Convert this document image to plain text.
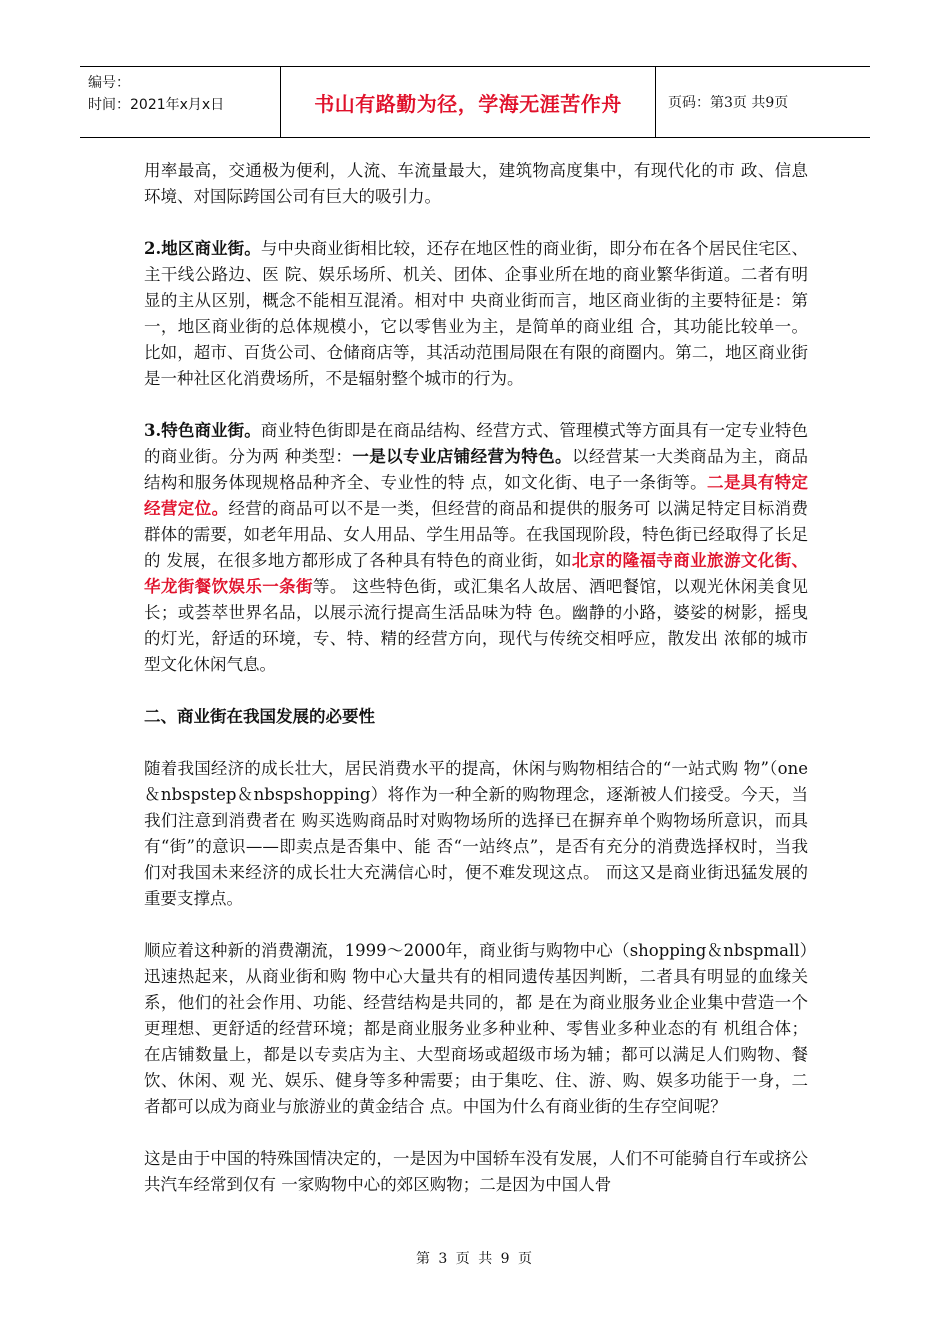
编号：
时间：2021年x月x日	书山有路勤为径，学海无涯苦作舟	页码：第3页 共9页

用率最高，交通极为便利，人流、车流量最大，建筑物高度集中，有现代化的市 政、信息环境、对国际跨国公司有巨大的吸引力。

2.地区商业街。与中央商业街相比较，还存在地区性的商业街，即分布在各个居民住宅区、主干线公路边、医 院、娱乐场所、机关、团体、企事业所在地的商业繁华街道。二者有明显的主从区别，概念不能相互混淆。相对中 央商业街而言，地区商业街的主要特征是：第一，地区商业街的总体规模小，它以零售业为主，是简单的商业组 合，其功能比较单一。比如，超市、百货公司、仓储商店等，其活动范围局限在有限的商圈内。第二，地区商业街 是一种社区化消费场所，不是辐射整个城市的行为。

3.特色商业街。商业特色街即是在商品结构、经营方式、管理模式等方面具有一定专业特色的商业街。分为两 种类型：一是以专业店铺经营为特色。以经营某一大类商品为主，商品结构和服务体现规格品种齐全、专业性的特 点，如文化街、电子一条街等。二是具有特定经营定位。经营的商品可以不是一类，但经营的商品和提供的服务可 以满足特定目标消费群体的需要，如老年用品、女人用品、学生用品等。在我国现阶段，特色街已经取得了长足的 发展，在很多地方都形成了各种具有特色的商业街，如北京的隆福寺商业旅游文化街、华龙街餐饮娱乐一条街等。 这些特色街，或汇集名人故居、酒吧餐馆，以观光休闲美食见长；或荟萃世界名品，以展示流行提高生活品味为特 色。幽静的小路，婆娑的树影，摇曳的灯光，舒适的环境，专、特、精的经营方向，现代与传统交相呼应，散发出 浓郁的城市型文化休闲气息。

二、商业街在我国发展的必要性

随着我国经济的成长壮大，居民消费水平的提高，休闲与购物相结合的“一站式购 物”（one＆nbspstep＆nbspshopping）将作为一种全新的购物理念，逐渐被人们接受。今天，当我们注意到消费者在 购买选购商品时对购物场所的选择已在摒弃单个购物场所意识，而具有“街”的意识——即卖点是否集中、能 否“一站终点”，是否有充分的消费选择权时，当我们对我国未来经济的成长壮大充满信心时，便不难发现这点。 而这又是商业街迅猛发展的重要支撑点。

顺应着这种新的消费潮流，1999～2000年，商业街与购物中心（shopping＆nbspmall）迅速热起来，从商业街和购 物中心大量共有的相同遗传基因判断，二者具有明显的血缘关系，他们的社会作用、功能、经营结构是共同的，都 是在为商业服务业企业集中营造一个更理想、更舒适的经营环境；都是商业服务业多种业种、零售业多种业态的有 机组合体；在店铺数量上，都是以专卖店为主、大型商场或超级市场为辅；都可以满足人们购物、餐饮、休闲、观 光、娱乐、健身等多种需要；由于集吃、住、游、购、娱多功能于一身，二者都可以成为商业与旅游业的黄金结合 点。中国为什么有商业街的生存空间呢？

这是由于中国的特殊国情决定的，一是因为中国轿车没有发展，人们不可能骑自行车或挤公共汽车经常到仅有 一家购物中心的郊区购物；二是因为中国人骨

第 3 页 共 9 页
